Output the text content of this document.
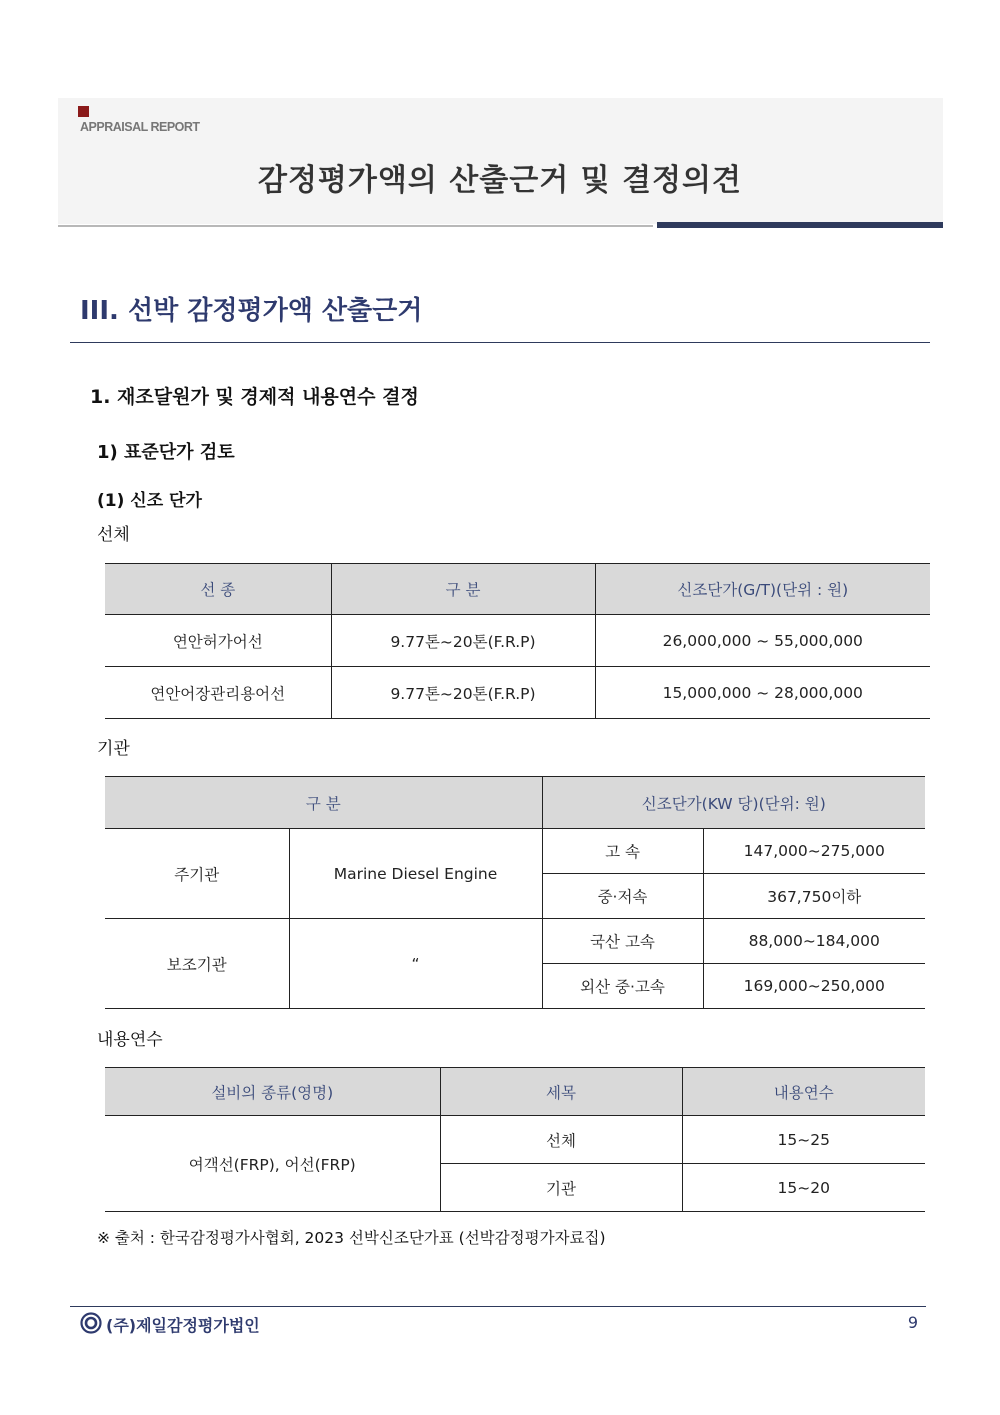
APPRAISAL REPORT
감정평가액의 산출근거 및 결정의견
III. 선박 감정평가액 산출근거
1. 재조달원가 및 경제적 내용연수 결정
1) 표준단가 검토
(1) 신조 단가
선체
선 종	구 분	신조단가(G/T)(단위 : 원)
연안허가어선	9.77톤~20톤(F.R.P)	26,000,000 ~ 55,000,000
연안어장관리용어선	9.77톤~20톤(F.R.P)	15,000,000 ~ 28,000,000
기관
구 분		신조단가(KW 당)(단위: 원)	
주기관	Marine Diesel Engine	고 속	147,000~275,000
		중·저속	367,750이하
보조기관	“	국산 고속	88,000~184,000
		외산 중·고속	169,000~250,000
내용연수
설비의 종류(영명)	세목	내용연수
여객선(FRP), 어선(FRP)	선체	15~25
	기관	15~20
※ 출처 : 한국감정평가사협회, 2023 선박신조단가표 (선박감정평가자료집)
(주)제일감정평가법인	9
